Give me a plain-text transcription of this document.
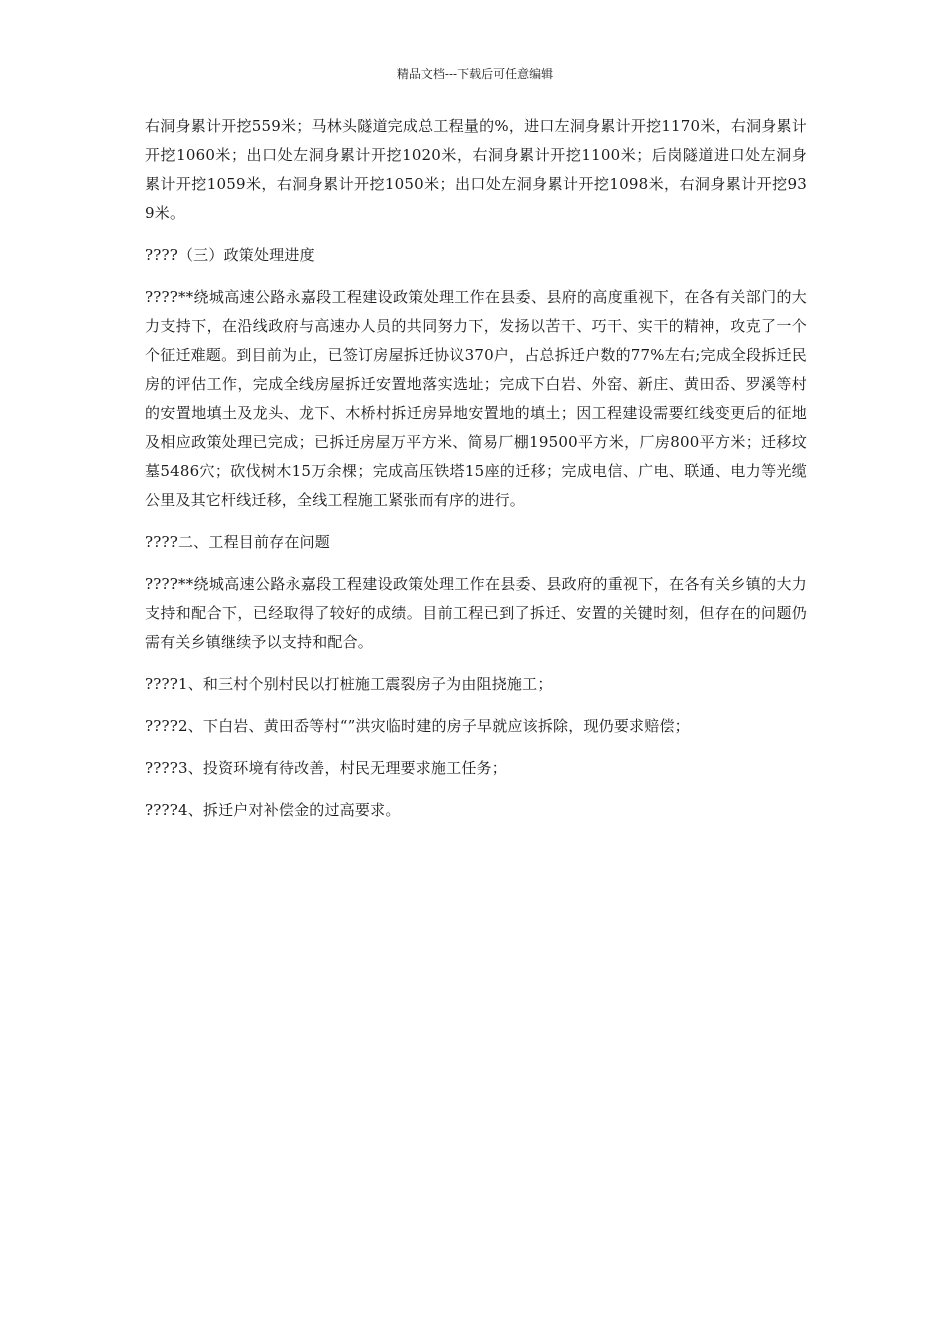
精品文档---下载后可任意编辑

右洞身累计开挖559米；马林头隧道完成总工程量的%，进口左洞身累计开挖1170米，右洞身累计开挖1060米；出口处左洞身累计开挖1020米，右洞身累计开挖1100米；后岗隧道进口处左洞身累计开挖1059米，右洞身累计开挖1050米；出口处左洞身累计开挖1098米，右洞身累计开挖939米。

????（三）政策处理进度

????**绕城高速公路永嘉段工程建设政策处理工作在县委、县府的高度重视下，在各有关部门的大力支持下，在沿线政府与高速办人员的共同努力下，发扬以苦干、巧干、实干的精神，攻克了一个个征迁难题。到目前为止，已签订房屋拆迁协议370户，占总拆迁户数的77%左右;完成全段拆迁民房的评估工作，完成全线房屋拆迁安置地落实选址；完成下白岩、外窑、新庄、黄田岙、罗溪等村的安置地填土及龙头、龙下、木桥村拆迁房异地安置地的填土；因工程建设需要红线变更后的征地及相应政策处理已完成；已拆迁房屋万平方米、简易厂棚19500平方米，厂房800平方米；迁移坟墓5486穴；砍伐树木15万余棵；完成高压铁塔15座的迁移；完成电信、广电、联通、电力等光缆公里及其它杆线迁移，全线工程施工紧张而有序的进行。

????二、工程目前存在问题

????**绕城高速公路永嘉段工程建设政策处理工作在县委、县政府的重视下，在各有关乡镇的大力支持和配合下，已经取得了较好的成绩。目前工程已到了拆迁、安置的关键时刻，但存在的问题仍需有关乡镇继续予以支持和配合。

????1、和三村个别村民以打桩施工震裂房子为由阻挠施工；

????2、下白岩、黄田岙等村“”洪灾临时建的房子早就应该拆除，现仍要求赔偿；

????3、投资环境有待改善，村民无理要求施工任务；

????4、拆迁户对补偿金的过高要求。
